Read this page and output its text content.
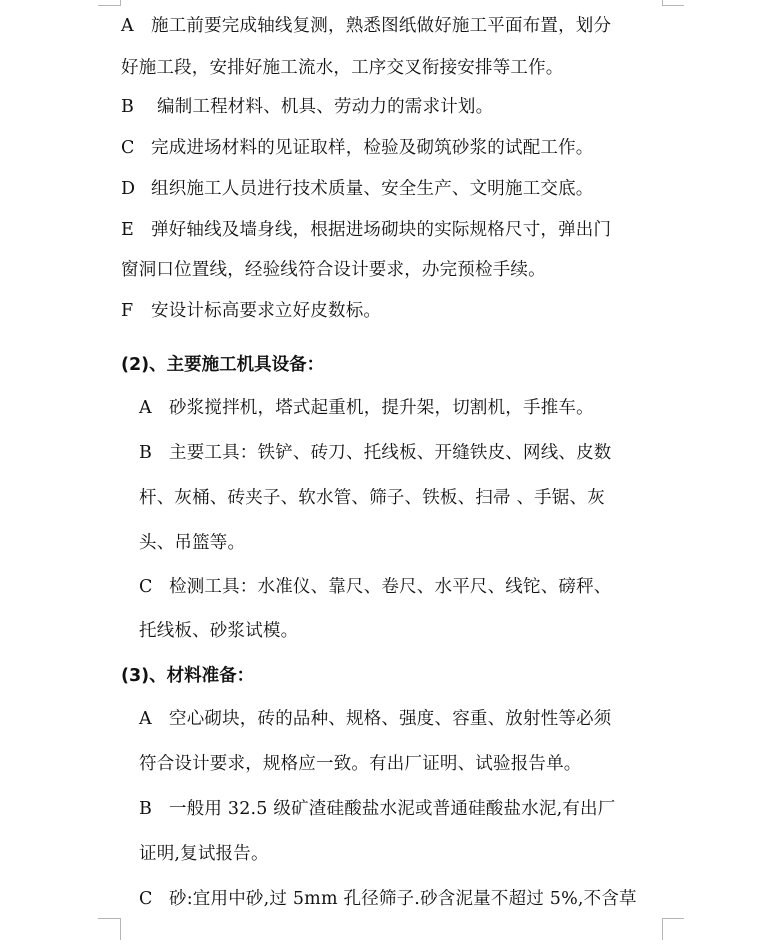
A 施工前要完成轴线复测，熟悉图纸做好施工平面布置，划分
好施工段，安排好施工流水，工序交叉衔接安排等工作。
B 编制工程材料、机具、劳动力的需求计划。
C 完成进场材料的见证取样，检验及砌筑砂浆的试配工作。
D 组织施工人员进行技术质量、安全生产、文明施工交底。
E 弹好轴线及墙身线，根据进场砌块的实际规格尺寸，弹出门
窗洞口位置线，经验线符合设计要求，办完预检手续。
F 安设计标高要求立好皮数标。
(2)、主要施工机具设备：
A 砂浆搅拌机，塔式起重机，提升架，切割机，手推车。
B 主要工具：铁铲、砖刀、托线板、开缝铁皮、网线、皮数
杆、灰桶、砖夹子、软水管、筛子、铁板、扫帚 、手锯、灰
头、吊篮等。
C 检测工具：水准仪、靠尺、卷尺、水平尺、线铊、磅秤、
托线板、砂浆试模。
(3)、材料准备：
A 空心砌块，砖的品种、规格、强度、容重、放射性等必须
符合设计要求，规格应一致。有出厂证明、试验报告单。
B 一般用 32.5 级矿渣硅酸盐水泥或普通硅酸盐水泥,有出厂
证明,复试报告。
C 砂:宜用中砂,过 5mm 孔径筛子.砂含泥量不超过 5%,不含草
